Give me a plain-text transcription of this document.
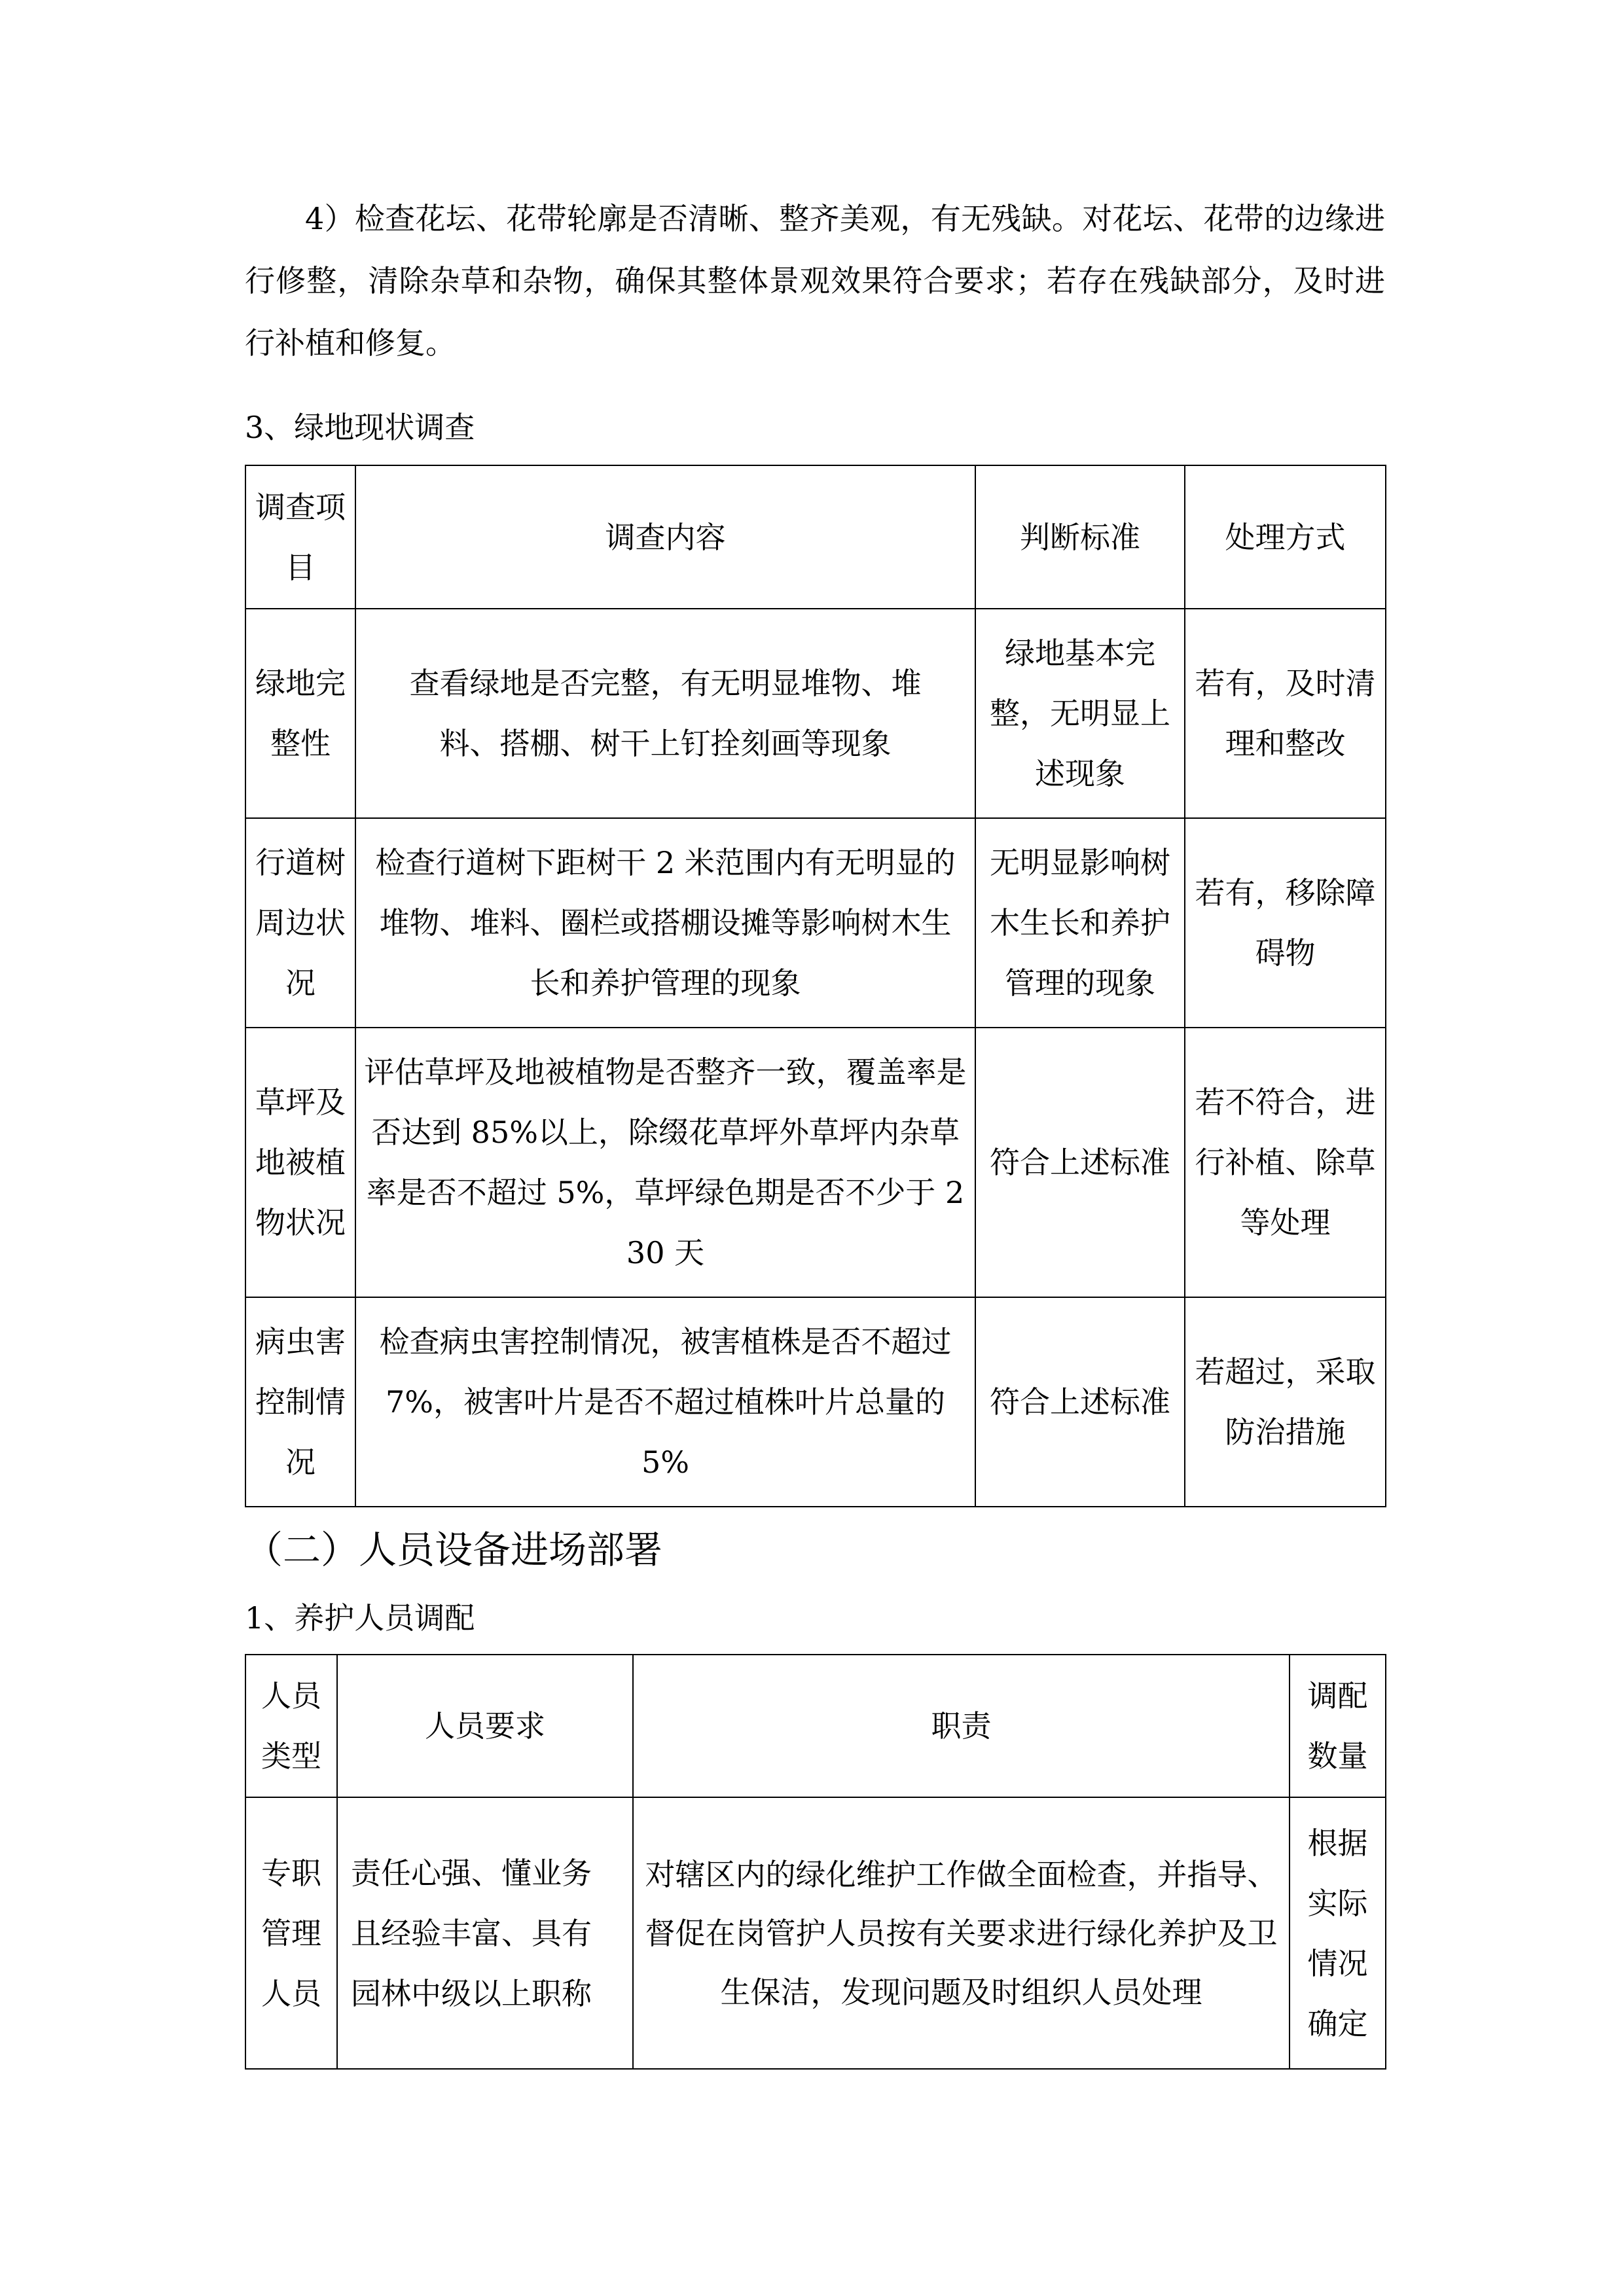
4）检查花坛、花带轮廓是否清晰、整齐美观，有无残缺。对花坛、花带的边缘进行修整，清除杂草和杂物，确保其整体景观效果符合要求；若存在残缺部分，及时进行补植和修复。

3、绿地现状调查
调查项目	调查内容	判断标准	处理方式
绿地完整性	查看绿地是否完整，有无明显堆物、堆料、搭棚、树干上钉拴刻画等现象	绿地基本完整，无明显上述现象	若有，及时清理和整改
行道树周边状况	检查行道树下距树干 2 米范围内有无明显的堆物、堆料、圈栏或搭棚设摊等影响树木生长和养护管理的现象	无明显影响树木生长和养护管理的现象	若有，移除障碍物
草坪及地被植物状况	评估草坪及地被植物是否整齐一致，覆盖率是否达到 85%以上，除缀花草坪外草坪内杂草率是否不超过 5%，草坪绿色期是否不少于 230 天	符合上述标准	若不符合，进行补植、除草等处理
病虫害控制情况	检查病虫害控制情况，被害植株是否不超过 7%，被害叶片是否不超过植株叶片总量的 5%	符合上述标准	若超过，采取防治措施
（二）人员设备进场部署
1、养护人员调配
人员类型	人员要求	职责	调配数量
专职管理人员	责任心强、懂业务且经验丰富、具有园林中级以上职称	对辖区内的绿化维护工作做全面检查，并指导、督促在岗管护人员按有关要求进行绿化养护及卫生保洁，发现问题及时组织人员处理	根据实际情况确定
